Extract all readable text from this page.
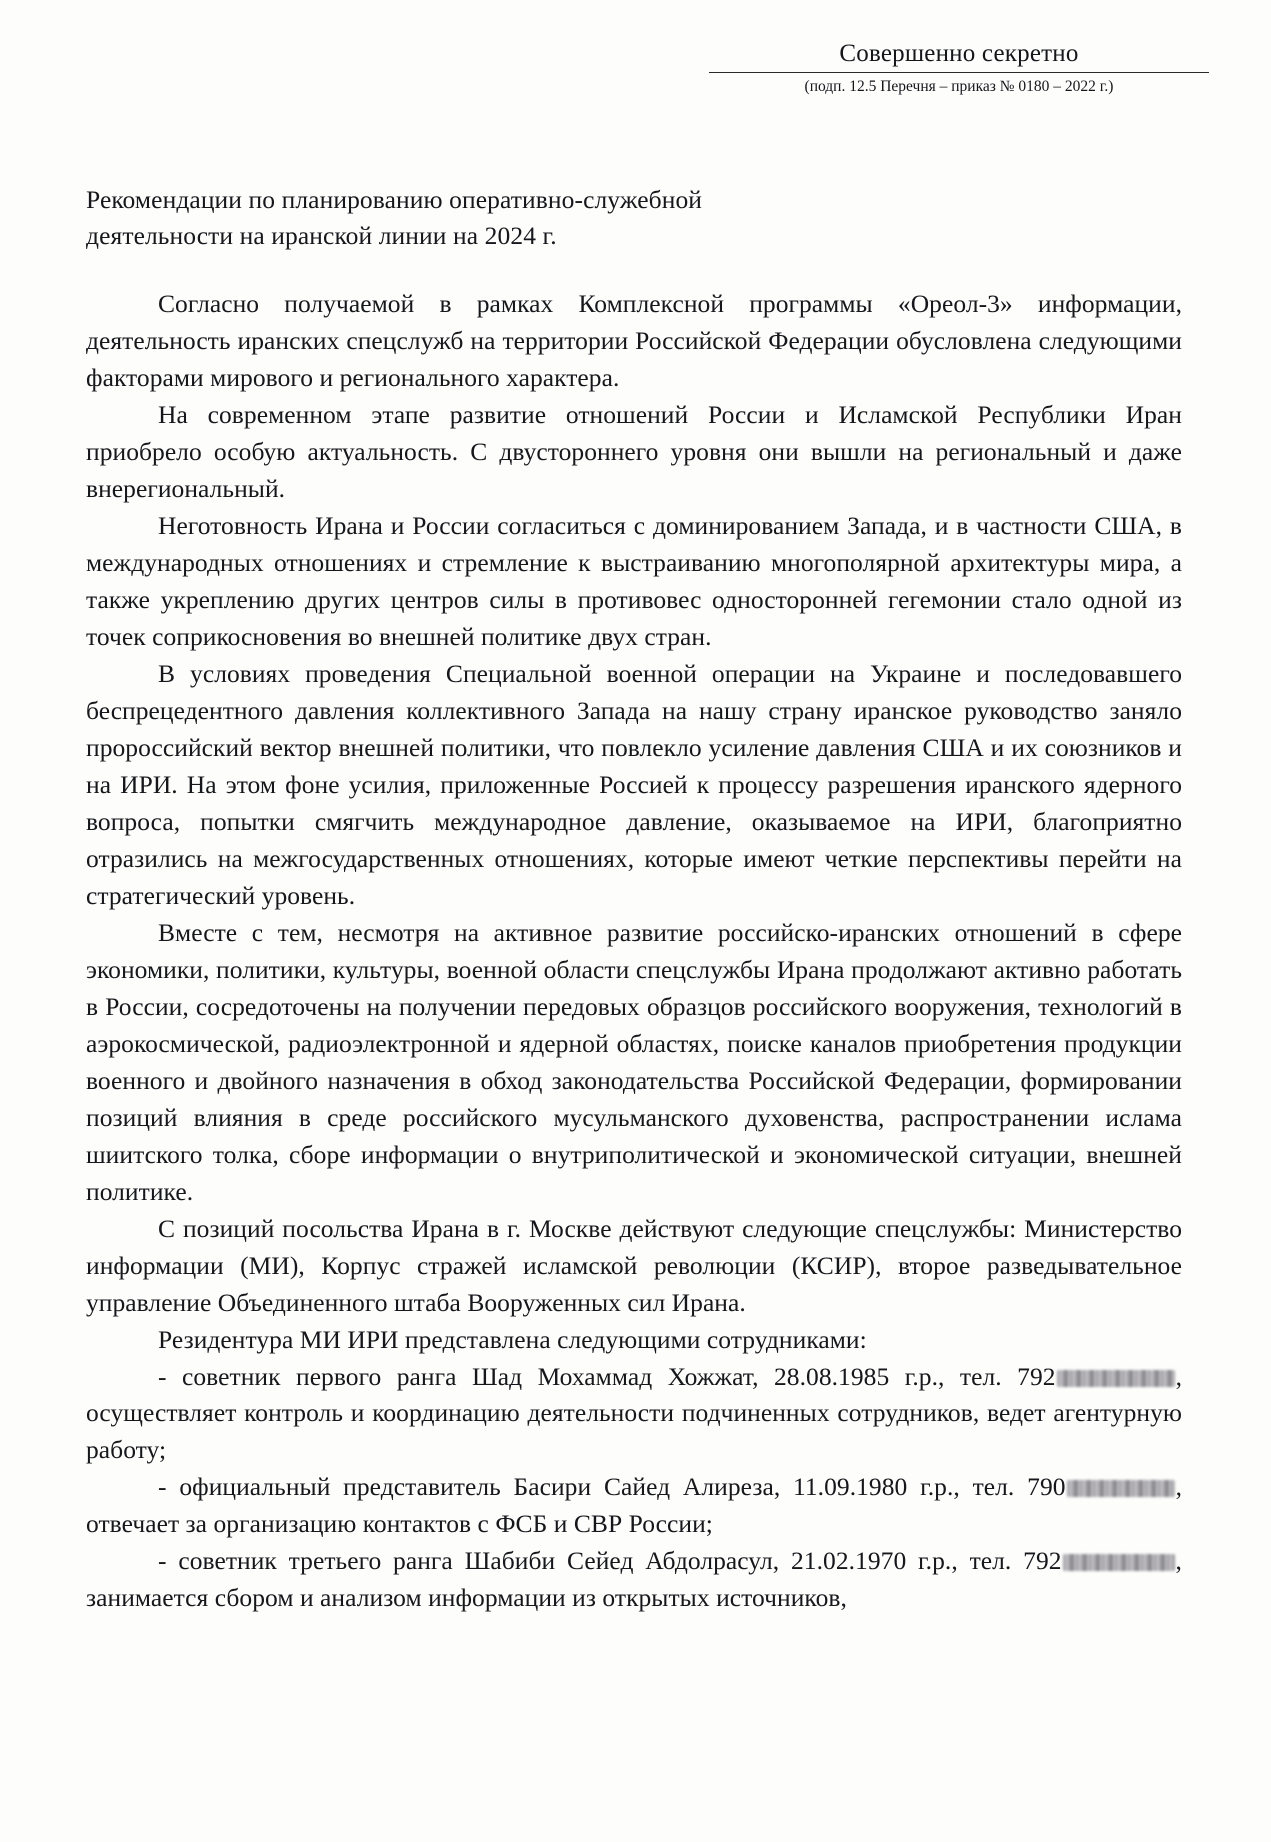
Совершенно секретно
(подп. 12.5 Перечня – приказ № 0180 – 2022 г.)
Рекомендации по планированию оперативно-служебной
деятельности на иранской линии на 2024 г.

Согласно получаемой в рамках Комплексной программы «Ореол-3» информации, деятельность иранских спецслужб на территории Российской Федерации обусловлена следующими факторами мирового и регионального характера.

На современном этапе развитие отношений России и Исламской Республики Иран приобрело особую актуальность. С двустороннего уровня они вышли на региональный и даже внерегиональный.

Неготовность Ирана и России согласиться с доминированием Запада, и в частности США, в международных отношениях и стремление к выстраиванию многополярной архитектуры мира, а также укреплению других центров силы в противовес односторонней гегемонии стало одной из точек соприкосновения во внешней политике двух стран.

В условиях проведения Специальной военной операции на Украине и последовавшего беспрецедентного давления коллективного Запада на нашу страну иранское руководство заняло пророссийский вектор внешней политики, что повлекло усиление давления США и их союзников и на ИРИ. На этом фоне усилия, приложенные Россией к процессу разрешения иранского ядерного вопроса, попытки смягчить международное давление, оказываемое на ИРИ, благоприятно отразились на межгосударственных отношениях, которые имеют четкие перспективы перейти на стратегический уровень.

Вместе с тем, несмотря на активное развитие российско-иранских отношений в сфере экономики, политики, культуры, военной области спецслужбы Ирана продолжают активно работать в России, сосредоточены на получении передовых образцов российского вооружения, технологий в аэрокосмической, радиоэлектронной и ядерной областях, поиске каналов приобретения продукции военного и двойного назначения в обход законодательства Российской Федерации, формировании позиций влияния в среде российского мусульманского духовенства, распространении ислама шиитского толка, сборе информации о внутриполитической и экономической ситуации, внешней политике.

С позиций посольства Ирана в г. Москве действуют следующие спецслужбы: Министерство информации (МИ), Корпус стражей исламской революции (КСИР), второе разведывательное управление Объединенного штаба Вооруженных сил Ирана.

Резидентура МИ ИРИ представлена следующими сотрудниками:

- советник первого ранга Шад Мохаммад Хожжат, 28.08.1985 г.р., тел. 792	, осуществляет контроль и координацию деятельности подчиненных сотрудников, ведет агентурную работу;

- официальный представитель Басири Сайед Алиреза, 11.09.1980 г.р., тел. 790	, отвечает за организацию контактов с ФСБ и СВР России;

- советник третьего ранга Шабиби Сейед Абдолрасул, 21.02.1970 г.р., тел. 792	, занимается сбором и анализом информации из открытых источников,
